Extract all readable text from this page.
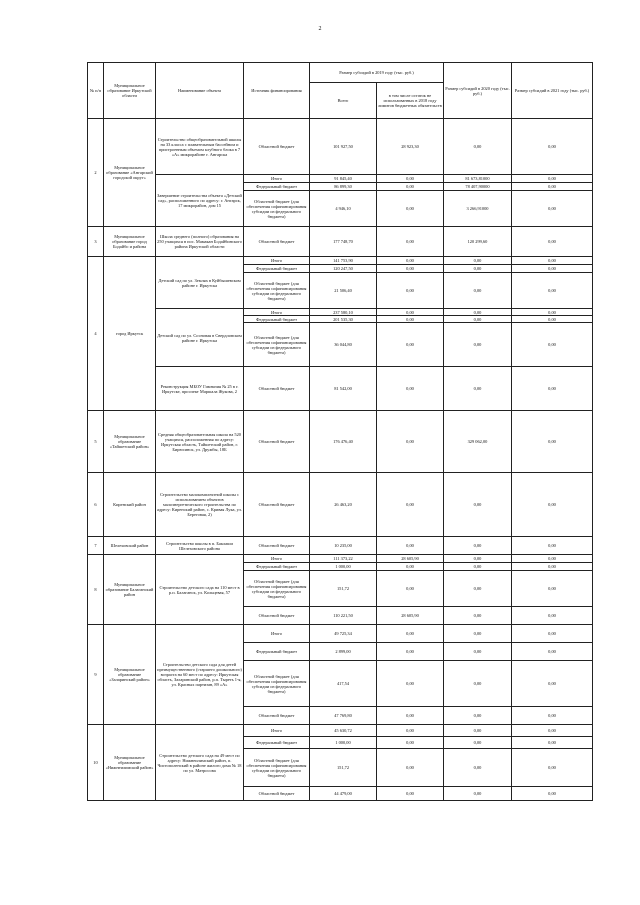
2
№ п/п	Муниципальное образование Иркутской области	Наименование объекта	Источник финансирования	Размер субсидий в 2019 году (тыс. руб.)		Размер субсидий в 2020 году (тыс. руб.)	Размер субсидий в 2021 году (тыс. руб.)
				Всего	в том числе остаток не использованных в 2018 году лимитов бюджетных обязательств		
2	Муниципальное образование «Ангарский городской округ»	Строительство общеобразовательной школы на 33 класса с плавательным бассейном и пристроенным объемом клубного блока в 7 «А» микрорайоне г. Ангарска	Областной бюджет	101 927,50	28 923,30	0,00	0,00
		Завершение строительства объекта «Детский сад», расположенного по адресу: г. Ангарск, 17 микрорайон, дом 15	Итого	91 845,40	0,00	81 673,81000	0,00
			Федеральный бюджет	86 899,30	0,00	78 407,90000	0,00
			Областной бюджет (для обеспечения софинансирования субсидии из федерального бюджета)	4 946,10	0,00	3 266,91000	0,00
3	Муниципальное образование город Бодайбо и района	Школа среднего (полного) образования на 250 учащихся в пос. Мамакан Бодайбинского района Иркутской области	Областной бюджет	177 748,70	0,00	120 299,60	0,00
4	город Иркутск	Детский сад по ул. Землях в Куйбышевском районе г. Иркутска	Итого	141 753,90	0,00	0,00	0,00
			Федеральный бюджет	120 247,50	0,00	0,00	0,00
			Областной бюджет (для обеспечения софинансирования субсидии из федерального бюджета)	21 506,40	0,00	0,00	0,00
		Детский сад по ул. Сосновая в Свердловском районе г. Иркутска	Итого	237 580,10	0,00	0,00	0,00
			Федеральный бюджет	201 535,30	0,00	0,00	0,00
			Областной бюджет (для обеспечения софинансирования субсидии из федерального бюджета)	36 044,80	0,00	0,00	0,00
		Реконструкция МБОУ Гимназия № 25 в г. Иркутске, проспект Маршала Жукова, 2	Областной бюджет	81 542,00	0,00	0,00	0,00
5	Муниципальное образование «Тайшетский район»	Средняя общеобразовательная школа на 520 учащихся, расположенная по адресу: Иркутская область, Тайшетский район, г. Бирюсинск, ул. Дружбы, 18Б	Областной бюджет	176 476,40	0,00	329 062,00	0,00
6	Киренский район	Строительство малокомплектной школы с использованием объектов малоэнергетического строительства по адресу: Киренский район, с. Кривая Лука, ул. Береговая, 2)	Областной бюджет	26 463,20	0,00	0,00	0,00
7	Шелеховский район	Строительство школы в п. Баклаши Шелеховского района	Областной бюджет	10 235,00	0,00	0,00	0,00
8	Муниципальное образование Балаганский район	Строительство детского сада на 110 мест в р.п. Балаганск, ул. Кольцевая, 57	Итого	111 373,22	28 605,90	0,00	0,00
			Федеральный бюджет	1 000,00	0,00	0,00	0,00
			Областной бюджет (для обеспечения софинансирования субсидии из федерального бюджета)	151,72	0,00	0,00	0,00
			Областной бюджет	110 221,50	28 605,90	0,00	0,00
9	Муниципальное образование «Заларинский район»	Строительство детского сада для детей преимущественного (старшего дошкольного) возраста на 60 мест по адресу: Иркутская область, Заларинский район, р.п. Тыреть 1-я, ул. Красных партизан, 89 «А»	Итого	49 725,34	0,00	0,00	0,00
			Федеральный бюджет	2 899,00	0,00	0,00	0,00
			Областной бюджет (для обеспечения софинансирования субсидии из федерального бюджета)	417,54	0,00	0,00	0,00
			Областной бюджет	47 769,80	0,00	0,00	0,00
10	Муниципальное образование «Нижнеилимский район»	Строительство детского сада на 49 мест по адресу: Нижнеилимский район, п. Чистополенский в районе жилого дома № 18 по ул. Матросова	Итого	45 630,72	0,00	0,00	0,00
			Федеральный бюджет	1 000,00	0,00	0,00	0,00
			Областной бюджет (для обеспечения софинансирования субсидии из федерального бюджета)	151,72	0,00	0,00	0,00
			Областной бюджет	44 479,00	0,00	0,00	0,00
